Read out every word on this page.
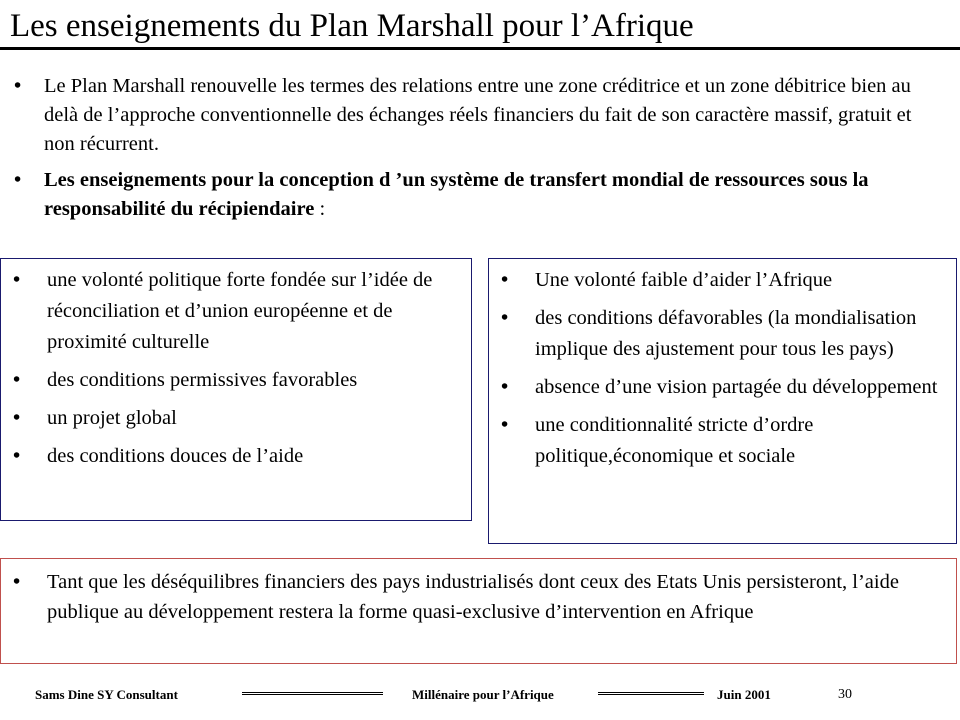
Les enseignements du Plan Marshall pour l’Afrique
• Le Plan Marshall renouvelle les termes des relations entre une zone créditrice et un zone débitrice bien au delà de l’approche conventionnelle des échanges réels financiers du fait de son caractère massif, gratuit et non récurrent.
• Les enseignements pour la conception d ’un système de transfert mondial de ressources sous la responsabilité du récipiendaire :
• une volonté politique forte fondée sur l’idée de réconciliation et d’union européenne et de proximité culturelle
• des conditions permissives favorables
• un projet global
• des conditions douces de l’aide
• Une volonté faible d’aider l’Afrique
• des conditions défavorables (la mondialisation implique des ajustement pour tous les pays)
• absence d’une vision partagée du développement
• une conditionnalité stricte d’ordre politique,économique et sociale
• Tant que les déséquilibres financiers des pays industrialisés dont ceux des Etats Unis persisteront, l’aide publique au développement restera la forme quasi-exclusive d’intervention en Afrique
Sams Dine SY Consultant	Millénaire pour l’Afrique	Juin 2001	30
